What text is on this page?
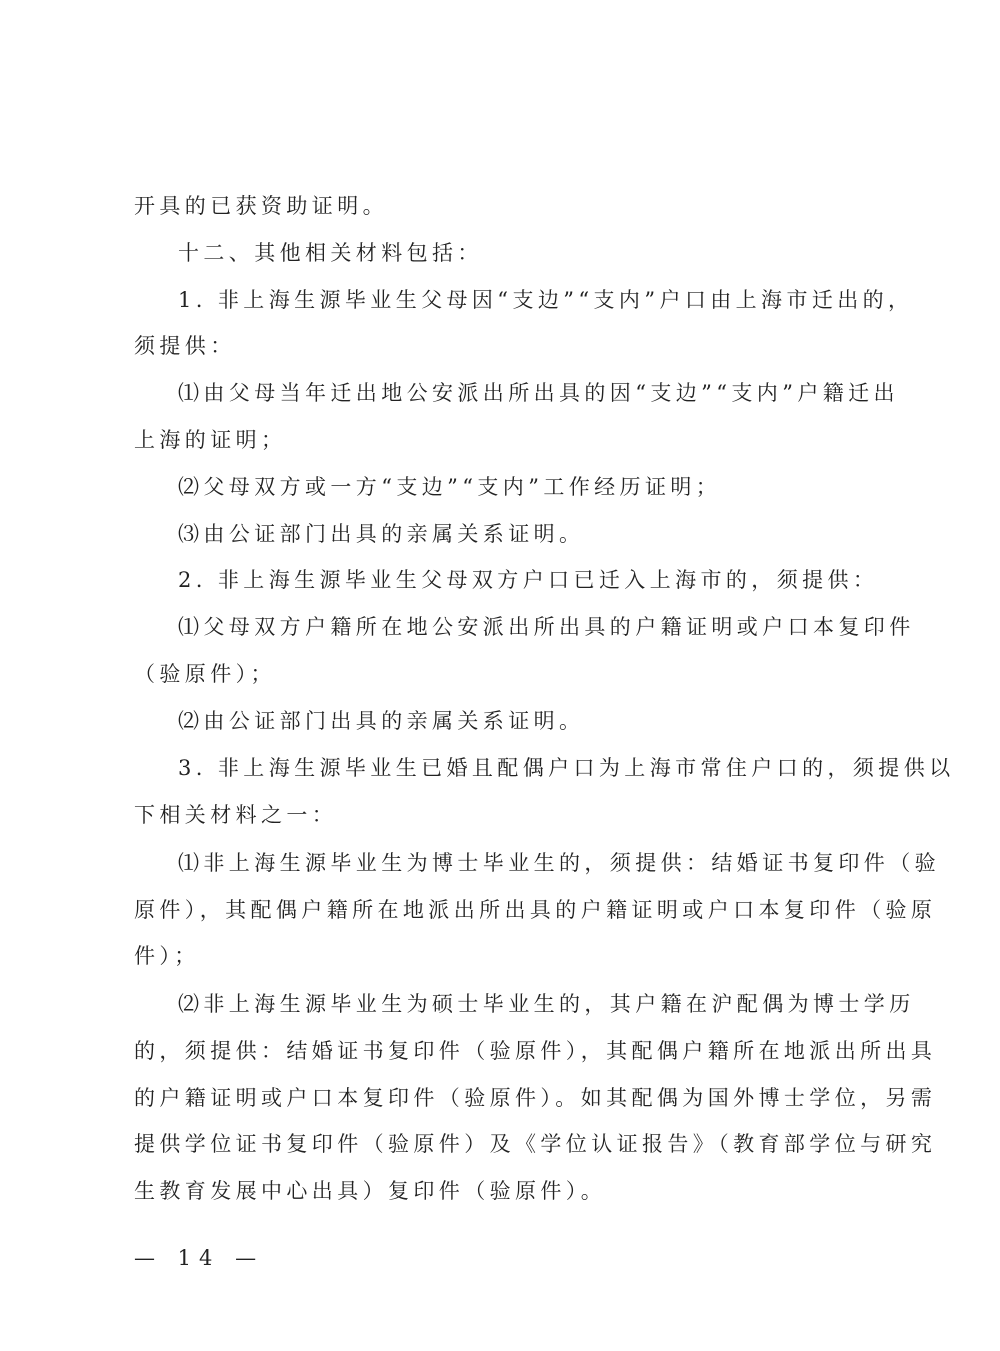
开具的已获资助证明。
十二、其他相关材料包括：
1. 非上海生源毕业生父母因“支边”“支内”户口由上海市迁出的，
须提供：
⑴由父母当年迁出地公安派出所出具的因“支边”“支内”户籍迁出
上海的证明；
⑵父母双方或一方“支边”“支内”工作经历证明；
⑶由公证部门出具的亲属关系证明。
2. 非上海生源毕业生父母双方户口已迁入上海市的，须提供：
⑴父母双方户籍所在地公安派出所出具的户籍证明或户口本复印件
（验原件）；
⑵由公证部门出具的亲属关系证明。
3. 非上海生源毕业生已婚且配偶户口为上海市常住户口的，须提供以
下相关材料之一：
⑴非上海生源毕业生为博士毕业生的，须提供：结婚证书复印件（验
原件），其配偶户籍所在地派出所出具的户籍证明或户口本复印件（验原
件）；
⑵非上海生源毕业生为硕士毕业生的，其户籍在沪配偶为博士学历
的，须提供：结婚证书复印件（验原件），其配偶户籍所在地派出所出具
的户籍证明或户口本复印件（验原件）。如其配偶为国外博士学位，另需
提供学位证书复印件（验原件）及《学位认证报告》（教育部学位与研究
生教育发展中心出具）复印件（验原件）。
— 14 —
